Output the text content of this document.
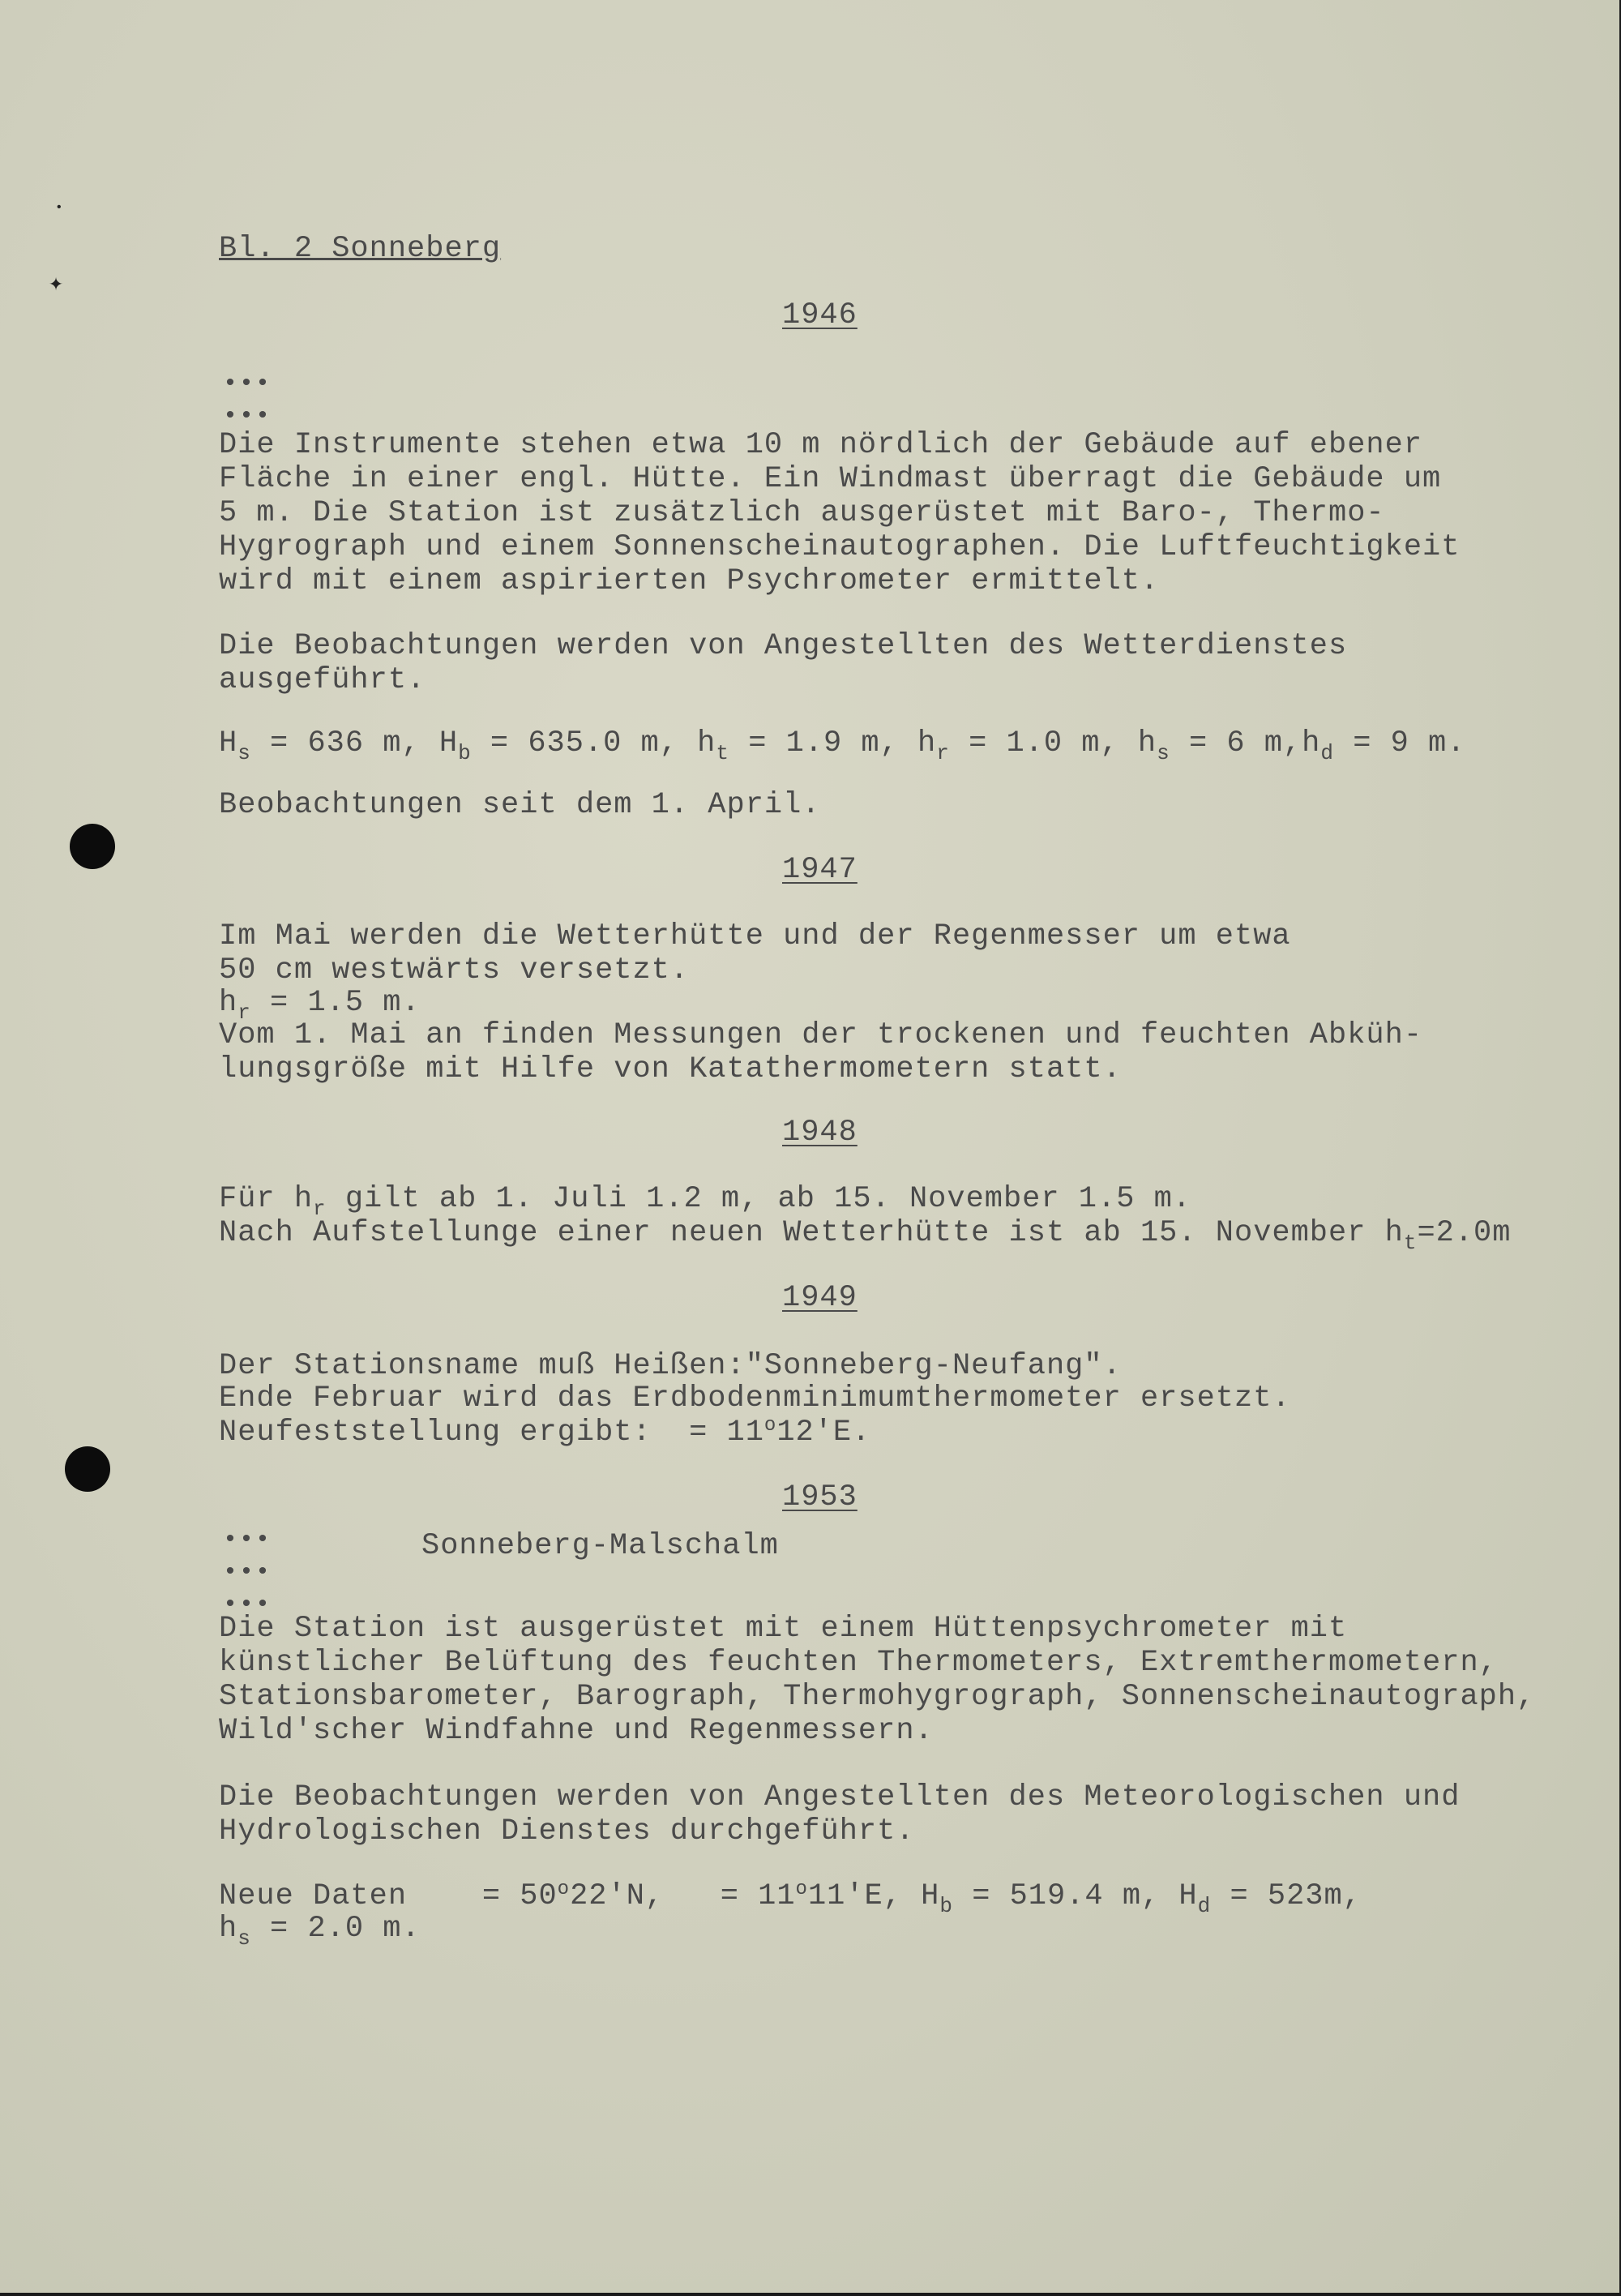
•
✦
Bl. 2 Sonneberg
1946
•••
•••
Die Instrumente stehen etwa 10 m nördlich der Gebäude auf ebener
Fläche in einer engl. Hütte. Ein Windmast überragt die Gebäude um
5 m. Die Station ist zusätzlich ausgerüstet mit Baro-, Thermo-
Hygrograph und einem Sonnenscheinautographen. Die Luftfeuchtigkeit
wird mit einem aspirierten Psychrometer ermittelt.
Die Beobachtungen werden von Angestellten des Wetterdienstes
ausgeführt.
$H_s = 636$ m, $H_b = 635.0$ m, $h_t = 1.9$ m, $h_r = 1.0$ m, $h_s = 6$ $m,h_d = 9$ m.
Beobachtungen seit dem 1. April.
1947
Im Mai werden die Wetterhütte und der Regenmesser um etwa
50 cm westwärts versetzt.
$h_r = 1.5$ m.
Vom 1. Mai an finden Messungen der trockenen und feuchten Abküh-
lungsgröße mit Hilfe von Katathermometern statt.
1948
Für $h_r$ gilt ab 1. Juli 1.2 m, ab 15. November 1.5 m.
Nach Aufstellunge einer neuen Wetterhütte ist ab 15. November $h_t=2.0m$
1949
Der Stationsname muß Heißen:"Sonneberg-Neufang".
Ende Februar wird das Erdbodenminimumthermometer ersetzt.
Neufeststellung ergibt:  = $11^o12'E$.
1953
•••	Sonneberg-Malschalm
•••
•••
Die Station ist ausgerüstet mit einem Hüttenpsychrometer mit
künstlicher Belüftung des feuchten Thermometers, Extremthermometern,
Stationsbarometer, Barograph, Thermohygrograph, Sonnenscheinautograph,
Wild'scher Windfahne und Regenmessern.
Die Beobachtungen werden von Angestellten des Meteorologischen und
Hydrologischen Dienstes durchgeführt.
Neue Daten    = $50^o22'N$,   = $11^o11'E$, $H_b = 519.4$ m, $H_d = 523m$,
$h_s = 2.0$ m.
